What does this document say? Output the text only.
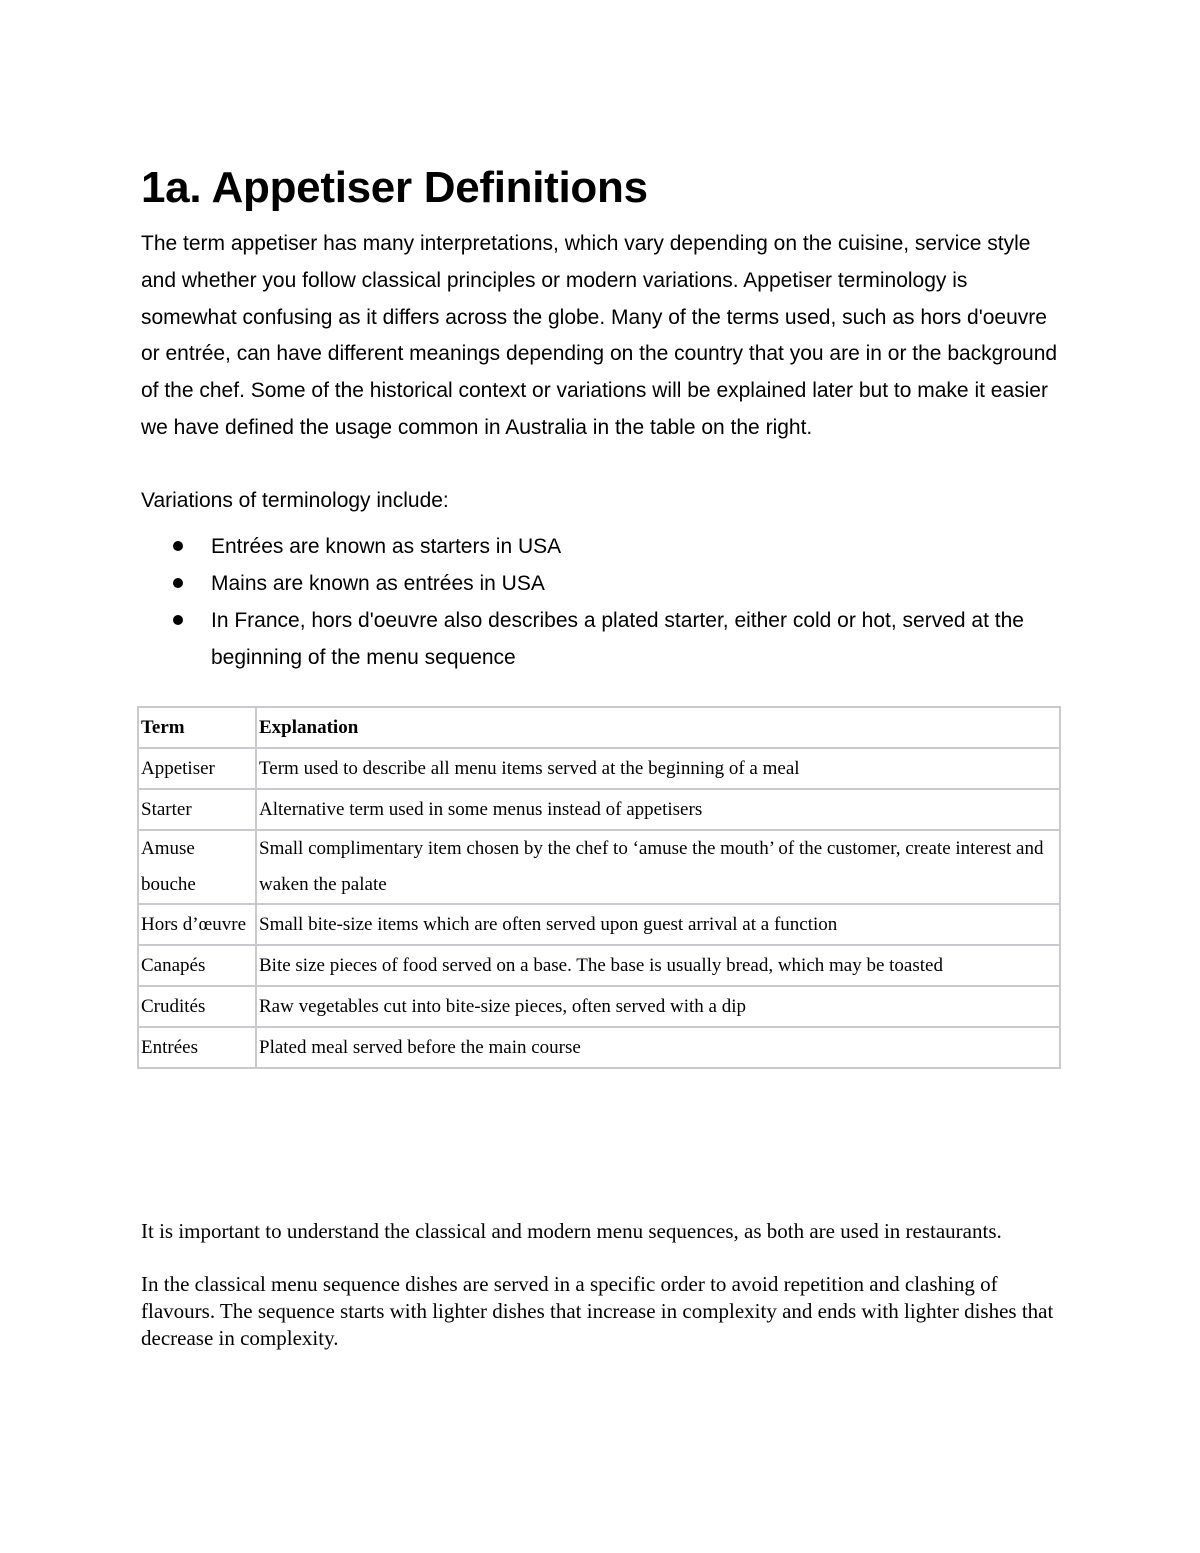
1a. Appetiser Definitions

The term appetiser has many interpretations, which vary depending on the cuisine, service style and whether you follow classical principles or modern variations. Appetiser terminology is somewhat confusing as it differs across the globe. Many of the terms used, such as hors d'oeuvre or entrée, can have different meanings depending on the country that you are in or the background of the chef. Some of the historical context or variations will be explained later but to make it easier we have defined the usage common in Australia in the table on the right.

Variations of terminology include:

Entrées are known as starters in USA
Mains are known as entrées in USA
In France, hors d'oeuvre also describes a plated starter, either cold or hot, served at the beginning of the menu sequence
Term	Explanation
Appetiser	Term used to describe all menu items served at the beginning of a meal
Starter	Alternative term used in some menus instead of appetisers
Amuse bouche	Small complimentary item chosen by the chef to ‘amuse the mouth’ of the customer, create interest and waken the palate
Hors d’œuvre	Small bite-size items which are often served upon guest arrival at a function
Canapés	Bite size pieces of food served on a base. The base is usually bread, which may be toasted
Crudités	Raw vegetables cut into bite-size pieces, often served with a dip
Entrées	Plated meal served before the main course

It is important to understand the classical and modern menu sequences, as both are used in restaurants.

In the classical menu sequence dishes are served in a specific order to avoid repetition and clashing of flavours. The sequence starts with lighter dishes that increase in complexity and ends with lighter dishes that decrease in complexity.
